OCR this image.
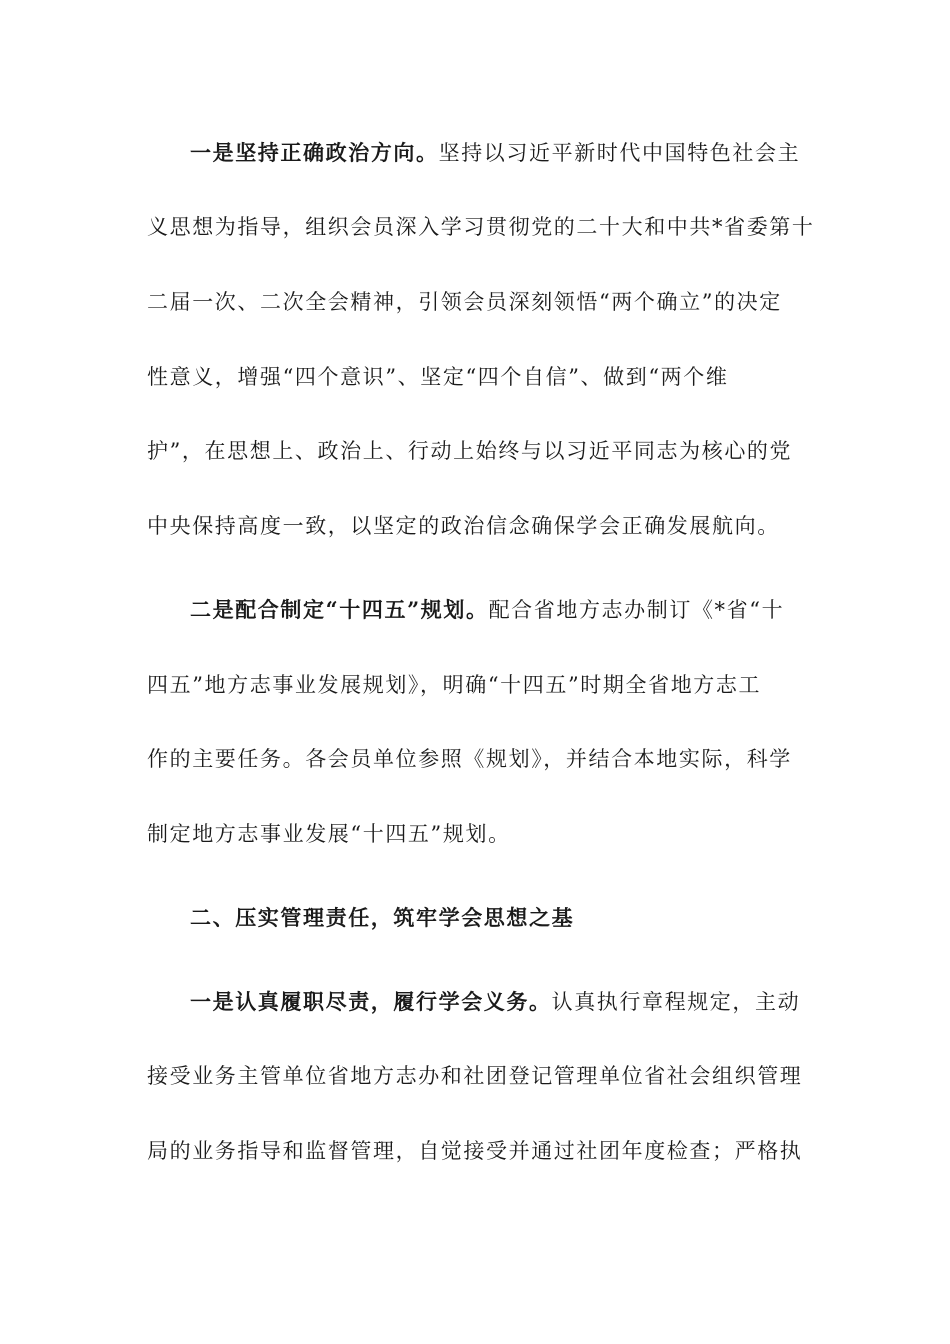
一是坚持正确政治方向。坚持以习近平新时代中国特色社会主
义思想为指导，组织会员深入学习贯彻党的二十大和中共*省委第十
二届一次、二次全会精神，引领会员深刻领悟“两个确立”的决定
性意义，增强“四个意识”、坚定“四个自信”、做到“两个维
护”，在思想上、政治上、行动上始终与以习近平同志为核心的党
中央保持高度一致，以坚定的政治信念确保学会正确发展航向。
二是配合制定“十四五”规划。配合省地方志办制订《*省“十
四五”地方志事业发展规划》，明确“十四五”时期全省地方志工
作的主要任务。各会员单位参照《规划》，并结合本地实际，科学
制定地方志事业发展“十四五”规划。
二、压实管理责任，筑牢学会思想之基
一是认真履职尽责，履行学会义务。认真执行章程规定，主动
接受业务主管单位省地方志办和社团登记管理单位省社会组织管理
局的业务指导和监督管理，自觉接受并通过社团年度检查；严格执
